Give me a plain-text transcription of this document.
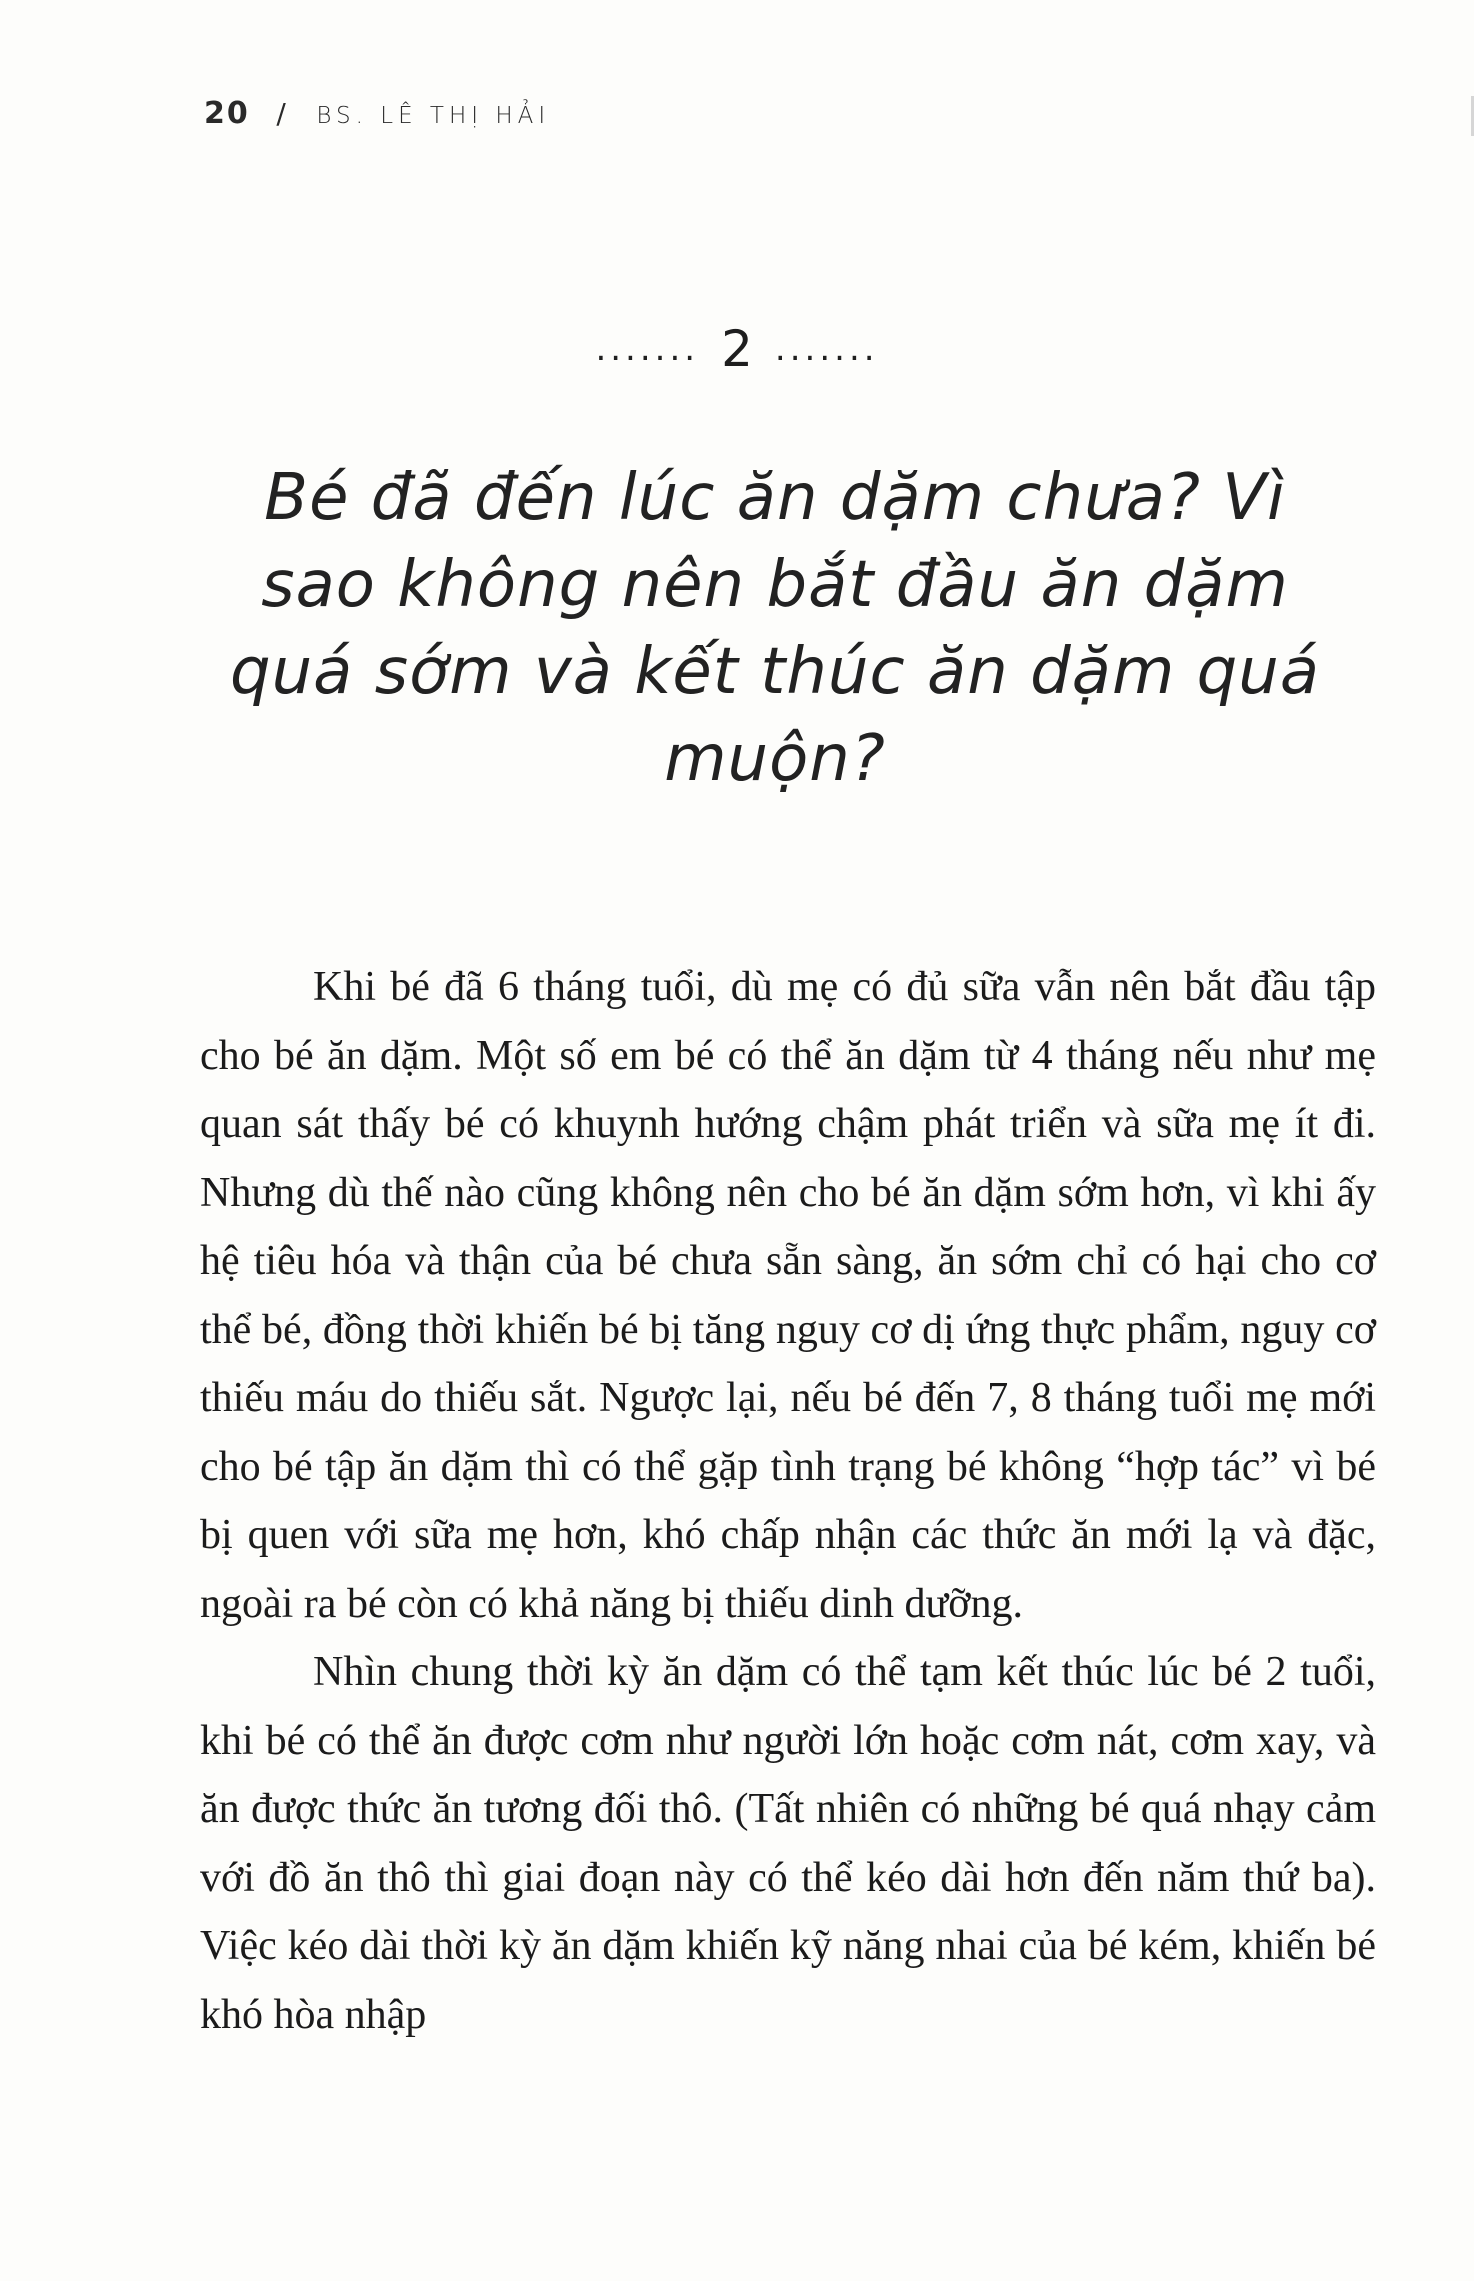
20 / BS. LÊ THỊ HẢI
....... 2 .......
Bé đã đến lúc ăn dặm chưa? Vì sao không nên bắt đầu ăn dặm quá sớm và kết thúc ăn dặm quá muộn?

Khi bé đã 6 tháng tuổi, dù mẹ có đủ sữa vẫn nên bắt đầu tập cho bé ăn dặm. Một số em bé có thể ăn dặm từ 4 tháng nếu như mẹ quan sát thấy bé có khuynh hướng chậm phát triển và sữa mẹ ít đi. Nhưng dù thế nào cũng không nên cho bé ăn dặm sớm hơn, vì khi ấy hệ tiêu hóa và thận của bé chưa sẵn sàng, ăn sớm chỉ có hại cho cơ thể bé, đồng thời khiến bé bị tăng nguy cơ dị ứng thực phẩm, nguy cơ thiếu máu do thiếu sắt. Ngược lại, nếu bé đến 7, 8 tháng tuổi mẹ mới cho bé tập ăn dặm thì có thể gặp tình trạng bé không “hợp tác” vì bé bị quen với sữa mẹ hơn, khó chấp nhận các thức ăn mới lạ và đặc, ngoài ra bé còn có khả năng bị thiếu dinh dưỡng.

Nhìn chung thời kỳ ăn dặm có thể tạm kết thúc lúc bé 2 tuổi, khi bé có thể ăn được cơm như người lớn hoặc cơm nát, cơm xay, và ăn được thức ăn tương đối thô. (Tất nhiên có những bé quá nhạy cảm với đồ ăn thô thì giai đoạn này có thể kéo dài hơn đến năm thứ ba). Việc kéo dài thời kỳ ăn dặm khiến kỹ năng nhai của bé kém, khiến bé khó hòa nhập
